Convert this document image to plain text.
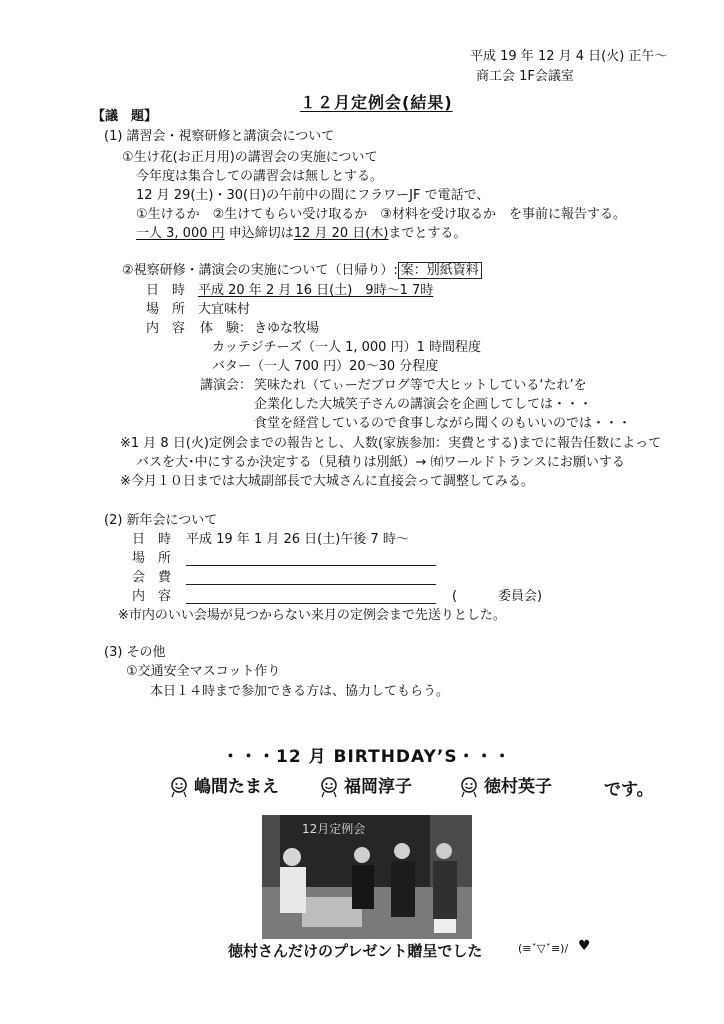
平成 19 年 12 月 4 日(火) 正午～
商工会 1F会議室
１２月定例会(結果)
【議　題】
(1) 講習会・視察研修と講演会について
①生け花(お正月用)の講習会の実施について
今年度は集合しての講習会は無しとする。
12 月 29(土)・30(日)の午前中の間にフラワーJF で電話で、
①生けるか　②生けてもらい受け取るか　③材料を受け取るか　を事前に報告する。
一人 3, 000 円 申込締切は12 月 20 日(木)までとする。
②視察研修・講演会の実施について（日帰り）: 案：別紙資料
日　時 平成 20 年 2 月 16 日(土)　9時～1 7時
場　所 大宜味村
内　容 体　験： きゆな牧場
カッテジチーズ（一人 1, 000 円）1 時間程度
バター（一人 700 円）20～30 分程度
講演会： 笑味たれ（てぃーだブログ等で大ヒットしている‘たれ’を
企業化した大城笑子さんの講演会を企画してしては・・・
食堂を経営しているので食事しながら聞くのもいいのでは・・・
※1 月 8 日(火)定例会までの報告とし、人数(家族参加：実費とする)までに報告任数によって
バスを大･中にするか決定する（見積りは別紙）→ ㈲ワールドトランスにお願いする
※今月１０日までは大城副部長で大城さんに直接会って調整してみる。
(2) 新年会について
日　時 平成 19 年 1 月 26 日(土)午後 7 時～
場　所
会　費
内　容	(	委員会)
※市内のいい会場が見つからない来月の定例会まで先送りとした。
(3) その他
①交通安全マスコット作り
本日１４時まで参加できる方は、協力してもらう。
・・・12 月 BIRTHDAY’S・・・
嶋間たまえ	福岡淳子	徳村英子	です。
12月定例会
徳村さんだけのプレゼント贈呈でした	(≡ˇ▽ˇ≡)/ ♥
